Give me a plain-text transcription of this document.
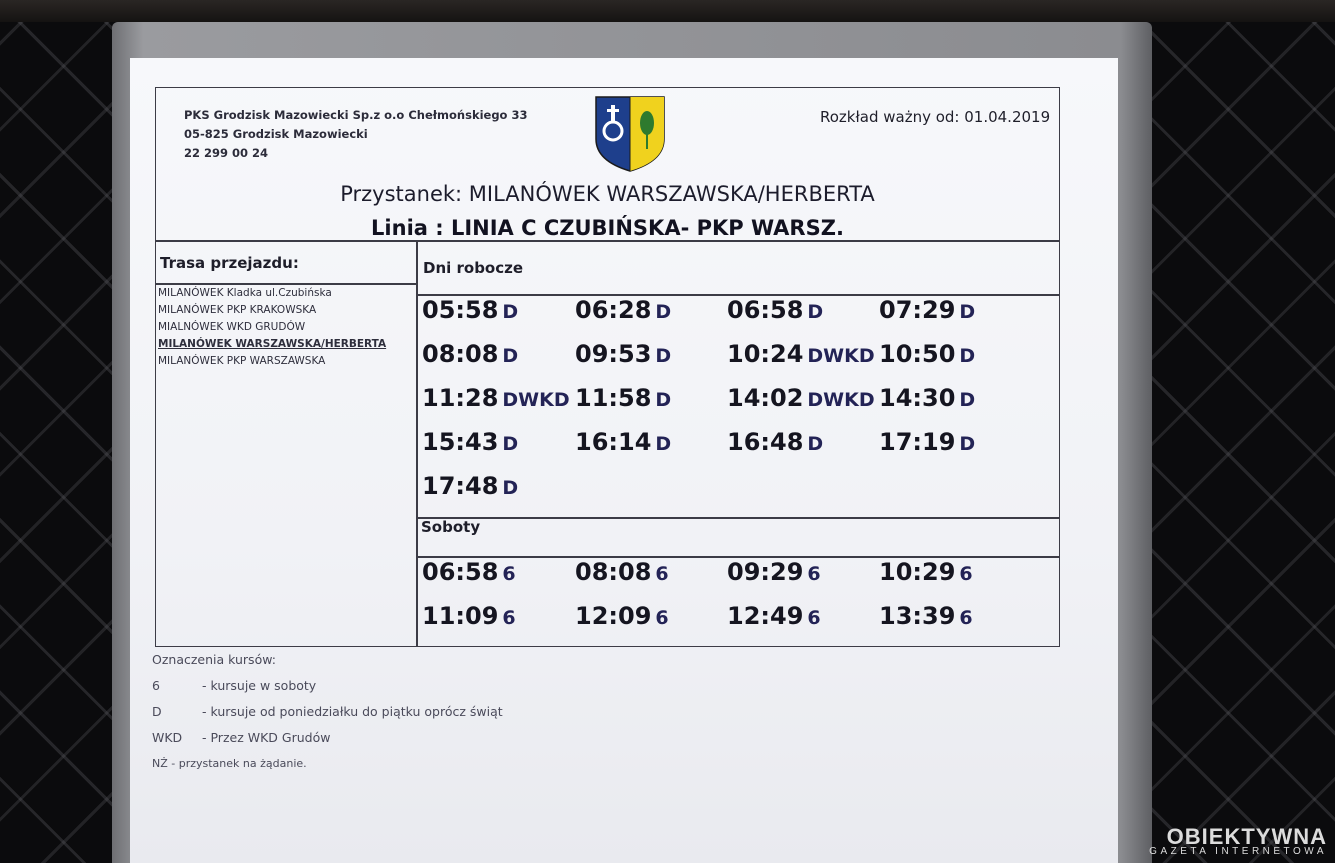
PKS Grodzisk Mazowiecki Sp.z o.o Chełmońskiego 33
05-825 Grodzisk Mazowiecki
22 299 00 24
Rozkład ważny od: 01.04.2019
Przystanek: MILANÓWEK WARSZAWSKA/HERBERTA
Linia : LINIA C CZUBIŃSKA- PKP WARSZ.
Trasa przejazdu:
MILANÓWEK Kladka ul.Czubińska
MILANÓWEK PKP KRAKOWSKA
MIALNÓWEK WKD GRUDÓW
MILANÓWEK WARSZAWSKA/HERBERTA
MILANÓWEK PKP WARSZAWSKA
Dni robocze
05:58 D 06:28 D 06:58 D 07:29 D
08:08 D 09:53 D 10:24 DWKD 10:50 D
11:28 DWKD 11:58 D 14:02 DWKD 14:30 D
15:43 D 16:14 D 16:48 D 17:19 D
17:48 D
Soboty
06:58 6 08:08 6 09:29 6 10:29 6
11:09 6 12:09 6 12:49 6 13:39 6
Oznaczenia kursów:
6	- kursuje w soboty
D	- kursuje od poniedziałku do piątku oprócz świąt
WKD	- Przez WKD Grudów
NŻ - przystanek na żądanie.
OBIEKTYWNA
GAZETA INTERNETOWA
